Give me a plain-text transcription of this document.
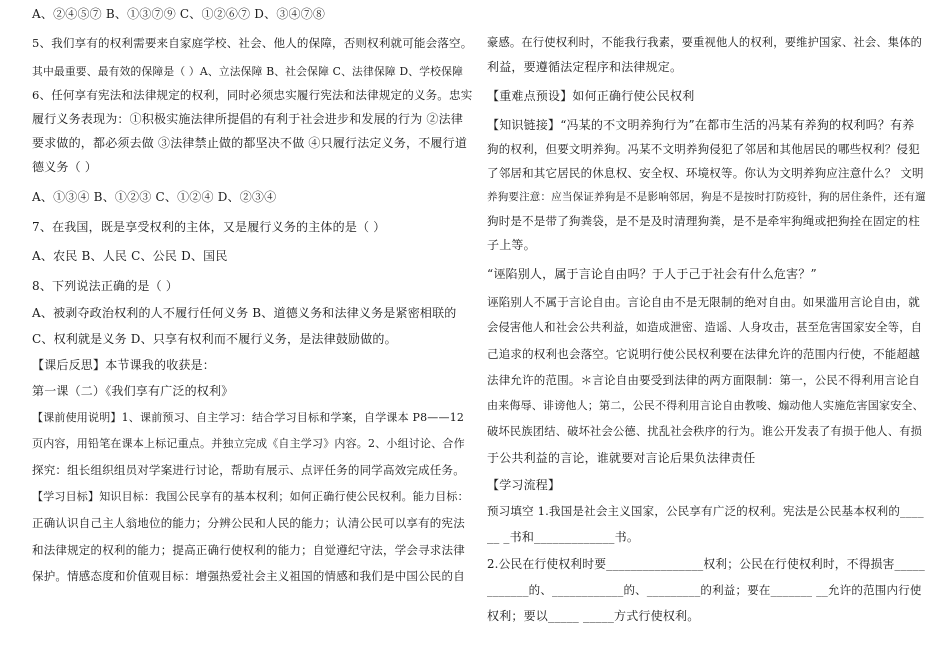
A、②④⑤⑦ B、①③⑦⑨ C、①②⑥⑦ D、③④⑦⑧
5、我们享有的权利需要来自家庭学校、社会、他人的保障，否则权利就可能会落空。
其中最重要、最有效的保障是（ ）A、立法保障 B、社会保障 C、法律保障 D、学校保障
6、任何享有宪法和法律规定的权利，同时必须忠实履行宪法和法律规定的义务。忠实
履行义务表现为：①积极实施法律所提倡的有利于社会进步和发展的行为 ②法律
要求做的，都必须去做 ③法律禁止做的都坚决不做 ④只履行法定义务，不履行道
德义务（ ）
A、①③④ B、①②③ C、①②④ D、②③④
7、在我国，既是享受权利的主体，又是履行义务的主体的是（ ）
A、农民 B、人民 C、公民 D、国民
8、下列说法正确的是（ ）
A、被剥夺政治权利的人不履行任何义务 B、道德义务和法律义务是紧密相联的
C、权利就是义务 D、只享有权利而不履行义务，是法律鼓励做的。
【课后反思】本节课我的收获是：
第一课（二）《我们享有广泛的权利》
【课前使用说明】1、课前预习、自主学习：结合学习目标和学案，自学课本 P8——12
页内容，用铅笔在课本上标记重点。并独立完成《自主学习》内容。2、小组讨论、合作
探究：组长组织组员对学案进行讨论，帮助有展示、点评任务的同学高效完成任务。
【学习目标】知识目标：我国公民享有的基本权利；如何正确行使公民权利。能力目标：
正确认识自己主人翁地位的能力；分辨公民和人民的能力；认清公民可以享有的宪法
和法律规定的权利的能力；提高正确行使权利的能力；自觉遵纪守法，学会寻求法律
保护。情感态度和价值观目标：增强热爱社会主义祖国的情感和我们是中国公民的自
豪感。在行使权利时，不能我行我素，要重视他人的权利，要维护国家、社会、集体的
利益，要遵循法定程序和法律规定。
【重难点预设】如何正确行使公民权利
【知识链接】“冯某的不文明养狗行为”在都市生活的冯某有养狗的权利吗？有养
狗的权利，但要文明养狗。冯某不文明养狗侵犯了邻居和其他居民的哪些权利？侵犯
了邻居和其它居民的休息权、安全权、环境权等。你认为文明养狗应注意什么？ 文明
养狗要注意：应当保证养狗是不是影响邻居，狗是不是按时打防疫针，狗的居住条件，还有遛
狗时是不是带了狗粪袋，是不是及时清理狗粪，是不是牵牢狗绳或把狗拴在固定的柱
子上等。
“诬陷别人，属于言论自由吗？于人于己于社会有什么危害？”
诬陷别人不属于言论自由。言论自由不是无限制的绝对自由。如果滥用言论自由，就
会侵害他人和社会公共利益，如造成泄密、造谣、人身攻击，甚至危害国家安全等，自
己追求的权利也会落空。它说明行使公民权利要在法律允许的范围内行使，不能超越
法律允许的范围。＊言论自由要受到法律的两方面限制：第一，公民不得利用言论自
由来侮辱、诽谤他人；第二，公民不得利用言论自由教唆、煽动他人实施危害国家安全、
破坏民族团结、破坏社会公德、扰乱社会秩序的行为。谁公开发表了有损于他人、有损
于公共利益的言论，谁就要对言论后果负法律责任
【学习流程】
预习填空 1.我国是社会主义国家，公民享有广泛的权利。宪法是公民基本权利的____
__ _书和_____________书。
2.公民在行使权利时要________________权利；公民在行使权利时，不得损害_____
_______的、____________的、_________的利益；要在_______ __允许的范围内行使
权利；要以_____ _____方式行使权利。
